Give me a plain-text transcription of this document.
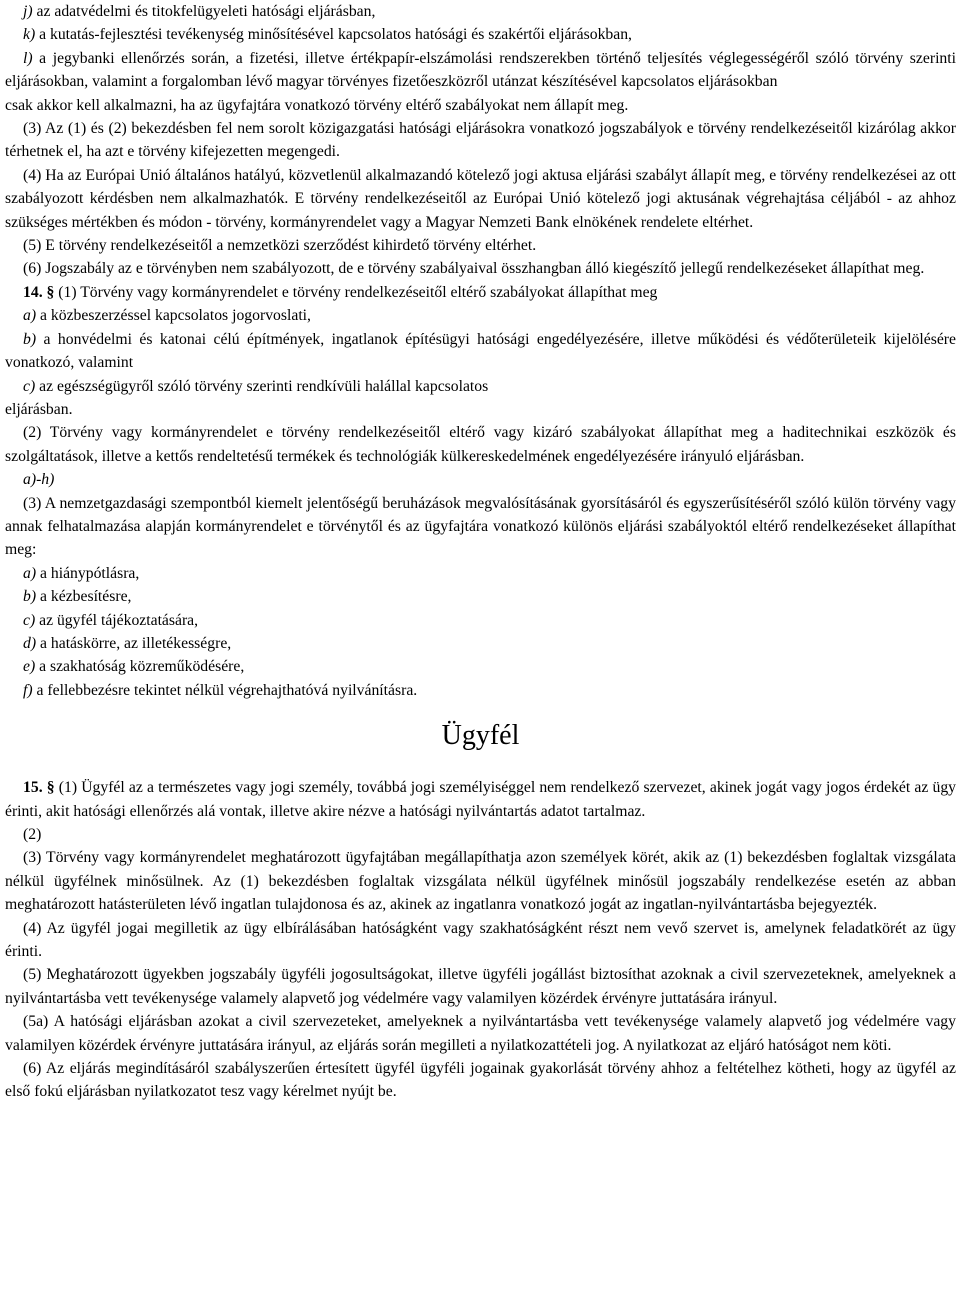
j) az adatvédelmi és titokfelügyeleti hatósági eljárásban,

k) a kutatás-fejlesztési tevékenység minősítésével kapcsolatos hatósági és szakértői eljárásokban,

l) a jegybanki ellenőrzés során, a fizetési, illetve értékpapír-elszámolási rendszerekben történő teljesítés véglegességéről szóló törvény szerinti eljárásokban, valamint a forgalomban lévő magyar törvényes fizetőeszközről utánzat készítésével kapcsolatos eljárásokban

csak akkor kell alkalmazni, ha az ügyfajtára vonatkozó törvény eltérő szabályokat nem állapít meg.

(3) Az (1) és (2) bekezdésben fel nem sorolt közigazgatási hatósági eljárásokra vonatkozó jogszabályok e törvény rendelkezéseitől kizárólag akkor térhetnek el, ha azt e törvény kifejezetten megengedi.

(4) Ha az Európai Unió általános hatályú, közvetlenül alkalmazandó kötelező jogi aktusa eljárási szabályt állapít meg, e törvény rendelkezései az ott szabályozott kérdésben nem alkalmazhatók. E törvény rendelkezéseitől az Európai Unió kötelező jogi aktusának végrehajtása céljából - az ahhoz szükséges mértékben és módon - törvény, kormányrendelet vagy a Magyar Nemzeti Bank elnökének rendelete eltérhet.

(5) E törvény rendelkezéseitől a nemzetközi szerződést kihirdető törvény eltérhet.

(6) Jogszabály az e törvényben nem szabályozott, de e törvény szabályaival összhangban álló kiegészítő jellegű rendelkezéseket állapíthat meg.

14. § (1) Törvény vagy kormányrendelet e törvény rendelkezéseitől eltérő szabályokat állapíthat meg

a) a közbeszerzéssel kapcsolatos jogorvoslati,

b) a honvédelmi és katonai célú építmények, ingatlanok építésügyi hatósági engedélyezésére, illetve működési és védőterületeik kijelölésére vonatkozó, valamint

c) az egészségügyről szóló törvény szerinti rendkívüli halállal kapcsolatos

eljárásban.

(2) Törvény vagy kormányrendelet e törvény rendelkezéseitől eltérő vagy kizáró szabályokat állapíthat meg a haditechnikai eszközök és szolgáltatások, illetve a kettős rendeltetésű termékek és technológiák külkereskedelmének engedélyezésére irányuló eljárásban.

a)-h)

(3) A nemzetgazdasági szempontból kiemelt jelentőségű beruházások megvalósításának gyorsításáról és egyszerűsítéséről szóló külön törvény vagy annak felhatalmazása alapján kormányrendelet e törvénytől és az ügyfajtára vonatkozó különös eljárási szabályoktól eltérő rendelkezéseket állapíthat meg:

a) a hiánypótlásra,

b) a kézbesítésre,

c) az ügyfél tájékoztatására,

d) a hatáskörre, az illetékességre,

e) a szakhatóság közreműködésére,

f) a fellebbezésre tekintet nélkül végrehajthatóvá nyilvánításra.

Ügyfél

15. § (1) Ügyfél az a természetes vagy jogi személy, továbbá jogi személyiséggel nem rendelkező szervezet, akinek jogát vagy jogos érdekét az ügy érinti, akit hatósági ellenőrzés alá vontak, illetve akire nézve a hatósági nyilvántartás adatot tartalmaz.

(2)

(3) Törvény vagy kormányrendelet meghatározott ügyfajtában megállapíthatja azon személyek körét, akik az (1) bekezdésben foglaltak vizsgálata nélkül ügyfélnek minősülnek. Az (1) bekezdésben foglaltak vizsgálata nélkül ügyfélnek minősül jogszabály rendelkezése esetén az abban meghatározott hatásterületen lévő ingatlan tulajdonosa és az, akinek az ingatlanra vonatkozó jogát az ingatlan-nyilvántartásba bejegyezték.

(4) Az ügyfél jogai megilletik az ügy elbírálásában hatóságként vagy szakhatóságként részt nem vevő szervet is, amelynek feladatkörét az ügy érinti.

(5) Meghatározott ügyekben jogszabály ügyféli jogosultságokat, illetve ügyféli jogállást biztosíthat azoknak a civil szervezeteknek, amelyeknek a nyilvántartásba vett tevékenysége valamely alapvető jog védelmére vagy valamilyen közérdek érvényre juttatására irányul.

(5a) A hatósági eljárásban azokat a civil szervezeteket, amelyeknek a nyilvántartásba vett tevékenysége valamely alapvető jog védelmére vagy valamilyen közérdek érvényre juttatására irányul, az eljárás során megilleti a nyilatkozattételi jog. A nyilatkozat az eljáró hatóságot nem köti.

(6) Az eljárás megindításáról szabályszerűen értesített ügyfél ügyféli jogainak gyakorlását törvény ahhoz a feltételhez kötheti, hogy az ügyfél az első fokú eljárásban nyilatkozatot tesz vagy kérelmet nyújt be.
